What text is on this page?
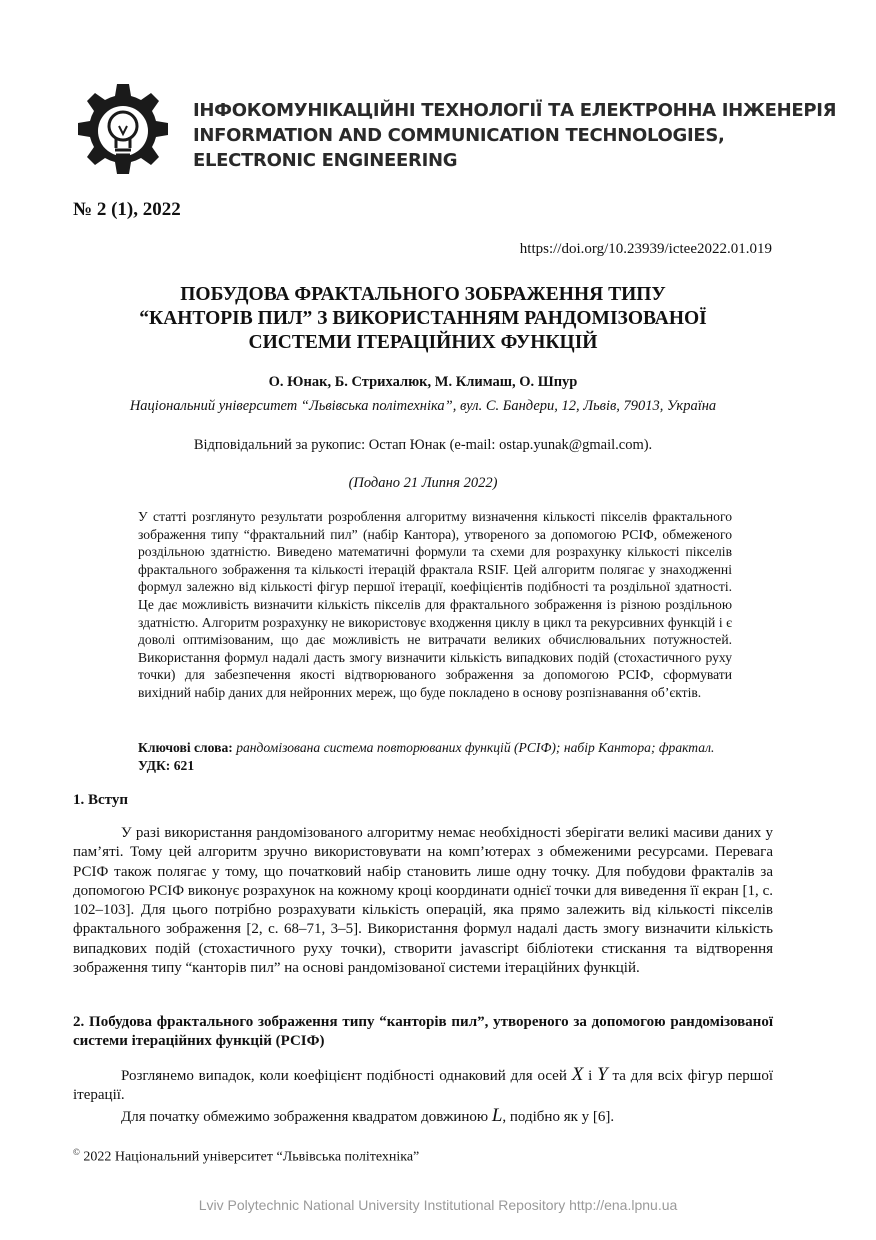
ІНФОКОМУНІКАЦІЙНІ ТЕХНОЛОГІЇ ТА ЕЛЕКТРОННА ІНЖЕНЕРІЯ
INFORMATION AND COMMUNICATION TECHNOLOGIES,
ELECTRONIC ENGINEERING
№ 2 (1), 2022
https://doi.org/10.23939/ictee2022.01.019
ПОБУДОВА ФРАКТАЛЬНОГО ЗОБРАЖЕННЯ ТИПУ
“КАНТОРІВ ПИЛ” З ВИКОРИСТАННЯМ РАНДОМІЗОВАНОЇ
СИСТЕМИ ІТЕРАЦІЙНИХ ФУНКЦІЙ
О. Юнак, Б. Стрихалюк, М. Климаш, О. Шпур
Національний університет “Львівська політехніка”, вул. С. Бандери, 12, Львів, 79013, Україна
Відповідальний за рукопис: Остап Юнак (e-mail: ostap.yunak@gmail.com).
(Подано 21 Липня 2022)
У статті розглянуто результати розроблення алгоритму визначення кількості пікселів фрактального зображення типу “фрактальний пил” (набір Кантора), утвореного за допомогою РСІФ, обмеженого роздільною здатністю. Виведено математичні формули та схеми для розрахунку кількості пікселів фрактального зображення та кількості ітерацій фрактала RSIF. Цей алгоритм полягає у знаходженні формул залежно від кількості фігур першої ітерації, коефіцієнтів подібності та роздільної здатності. Це дає можливість визначити кількість пікселів для фрактального зображення із різною роздільною здатністю. Алгоритм розрахунку не використовує входження циклу в цикл та рекурсивних функцій і є доволі оптимізованим, що дає можливість не витрачати великих обчислювальних потужностей. Використання формул надалі дасть змогу визначити кількість випадкових подій (стохастичного руху точки) для забезпечення якості відтворюваного зображення за допомогою РСІФ, сформувати вихідний набір даних для нейронних мереж, що буде покладено в основу розпізнавання об’єктів.
Ключові слова: рандомізована система повторюваних функцій (РСІФ); набір Кантора; фрактал.
УДК: 621
1. Вступ

У разі використання рандомізованого алгоритму немає необхідності зберігати великі масиви даних у пам’яті. Тому цей алгоритм зручно використовувати на комп’ютерах з обмеженими ресурсами. Перевага РСІФ також полягає у тому, що початковий набір становить лише одну точку. Для побудови фракталів за допомогою РСІФ виконує розрахунок на кожному кроці координати однієї точки для виведення її екран [1, с. 102–103]. Для цього потрібно розрахувати кількість операцій, яка прямо залежить від кількості пікселів фрактального зображення [2, с. 68–71, 3–5]. Використання формул надалі дасть змогу визначити кількість випадкових подій (стохастичного руху точки), створити javascript бібліотеки стискання та відтворення зображення типу “канторів пил” на основі рандомізованої системи ітераційних функцій.

2. Побудова фрактального зображення типу “канторів пил”, утвореного за допомогою рандомізованої системи ітераційних функцій (РСІФ)

Розглянемо випадок, коли коефіцієнт подібності однаковий для осей X і Y та для всіх фігур першої ітерації.

Для початку обмежимо зображення квадратом довжиною L, подібно як у [6].

© 2022 Національний університет “Львівська політехніка”
Lviv Polytechnic National University Institutional Repository http://ena.lpnu.ua
